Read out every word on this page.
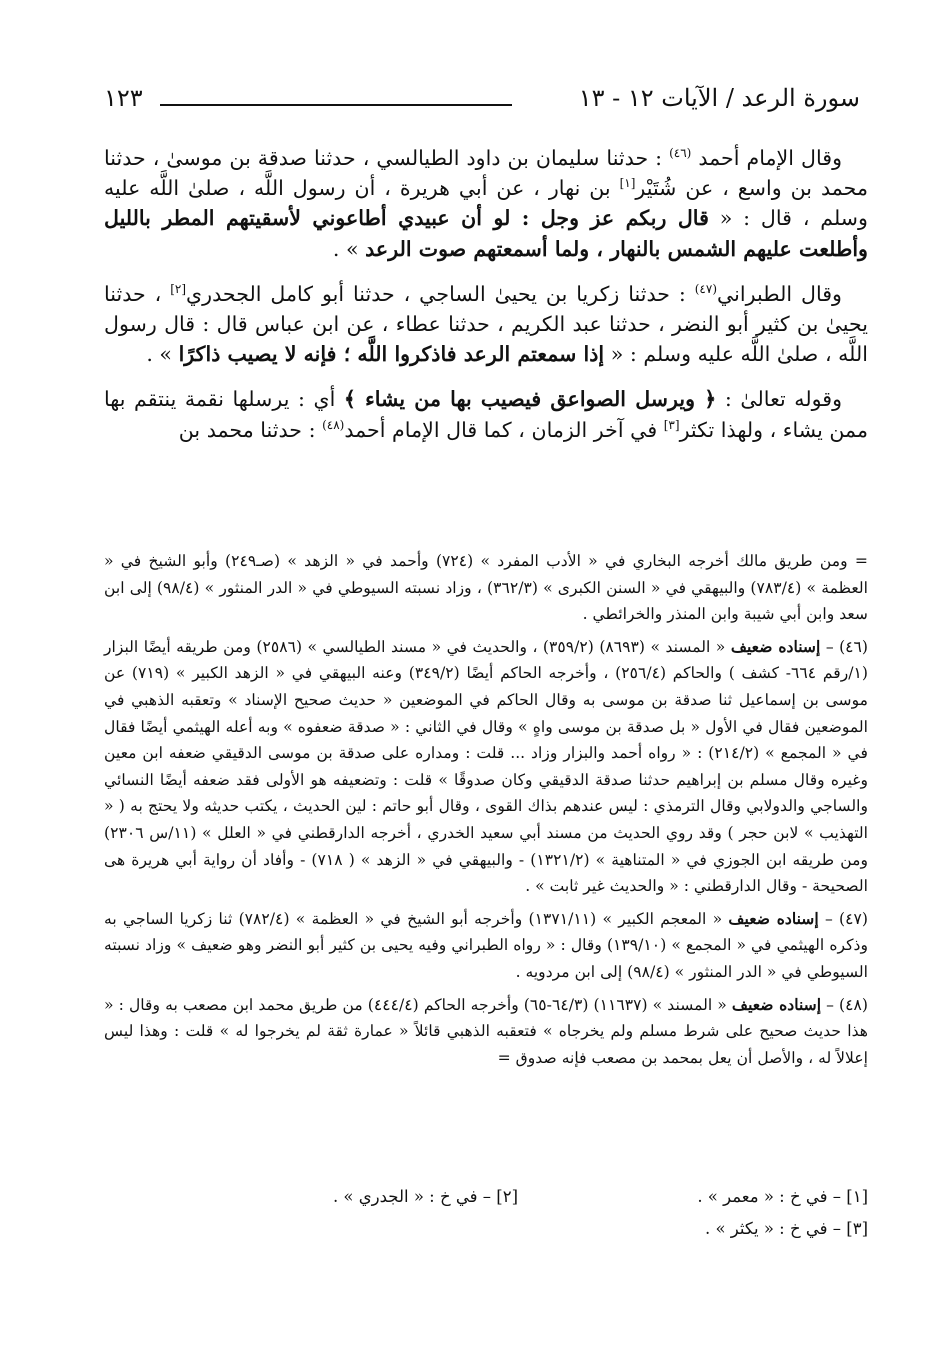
سورة الرعد / الآيات ١٢ - ١٣
١٢٣

وقال الإمام أحمد $^{(٤٦)}$ : حدثنا سليمان بن داود الطيالسي ، حدثنا صدقة بن موسىٰ ، حدثنا محمد بن واسع ، عن شُتَيْر[١] بن نهار ، عن أبي هريرة ، أن رسول اللَّه ، صلىٰ اللَّه عليه وسلم ، قال : « قال ربكم عز وجل : لو أن عبيدي أطاعوني لأسقيتهم المطر بالليل وأطلعت عليهم الشمس بالنهار ، ولما أسمعتهم صوت الرعد » .

وقال الطبراني$^{(٤٧)}$ : حدثنا زكريا بن يحيىٰ الساجي ، حدثنا أبو كامل الجحدري[٢] ، حدثنا يحيىٰ بن كثير أبو النضر ، حدثنا عبد الكريم ، حدثنا عطاء ، عن ابن عباس قال : قال رسول اللَّه ، صلىٰ اللَّه عليه وسلم : « إذا سمعتم الرعد فاذكروا اللَّه ؛ فإنه لا يصيب ذاكرًا » .

وقوله تعالىٰ : ﴿ ويرسل الصواعق فيصيب بها من يشاء ﴾ أي : يرسلها نقمة ينتقم بها ممن يشاء ، ولهذا تكثر[٣] في آخر الزمان ، كما قال الإمام أحمد$^{(٤٨)}$ : حدثنا محمد بن

= ومن طريق مالك أخرجه البخاري في « الأدب المفرد » (٧٢٤) وأحمد في « الزهد » (صـ٢٤٩) وأبو الشيخ في « العظمة » (٧٨٣/٤) والبيهقي في « السنن الكبرى » (٣٦٢/٣) ، وزاد نسبته السيوطي في « الدر المنثور » (٩٨/٤) إلى ابن سعد وابن أبي شيبة وابن المنذر والخرائطي .

(٤٦) – إسناده ضعيف « المسند » (٨٦٩٣) (٣٥٩/٢) ، والحديث في « مسند الطيالسي » (٢٥٨٦) ومن طريقه أيضًا البزار (١/رقم ٦٦٤- كشف ) والحاكم (٢٥٦/٤) ، وأخرجه الحاكم أيضًا (٣٤٩/٢) وعنه البيهقي في « الزهد الكبير » (٧١٩) عن موسى بن إسماعيل ثنا صدقة بن موسى به وقال الحاكم في الموضعين « حديث صحيح الإسناد » وتعقبه الذهبي في الموضعين فقال في الأول « بل صدقة بن موسى واهٍ » وقال في الثاني : « صدقة ضعفوه » وبه أعله الهيثمي أيضًا فقال في « المجمع » (٢١٤/٢) : « رواه أحمد والبزار وزاد ... قلت : ومداره على صدقة بن موسى الدقيقي ضعفه ابن معين وغيره وقال مسلم بن إبراهيم حدثنا صدقة الدقيقي وكان صدوقًا » قلت : وتضعيفه هو الأولى فقد ضعفه أيضًا النسائي والساجي والدولابي وقال الترمذي : ليس عندهم بذاك القوى ، وقال أبو حاتم : لين الحديث ، يكتب حديثه ولا يحتج به ( « التهذيب » لابن حجر ) وقد روي الحديث من مسند أبي سعيد الخدري ، أخرجه الدارقطني في « العلل » (١١/س ٢٣٠٦) ومن طريقه ابن الجوزي في « المتناهية » (١٣٢١/٢) - والبيهقي في « الزهد » ( ٧١٨) - وأفاد أن رواية أبي هريرة هى الصحيحة - وقال الدارقطني : « والحديث غير ثابت » .

(٤٧) – إسناده ضعيف « المعجم الكبير » (١٣٧١/١١) وأخرجه أبو الشيخ في « العظمة » (٧٨٢/٤) ثنا زكريا الساجي به وذكره الهيثمي في « المجمع » (١٣٩/١٠) وقال : « رواه الطبراني وفيه يحيى بن كثير أبو النضر وهو ضعيف » وزاد نسبته السيوطي في « الدر المنثور » (٩٨/٤) إلى ابن مردويه .

(٤٨) – إسناده ضعيف « المسند » (١١٦٣٧) (٦٤/٣-٦٥) وأخرجه الحاكم (٤٤٤/٤) من طريق محمد ابن مصعب به وقال : « هذا حديث صحيح على شرط مسلم ولم يخرجاه » فتعقبه الذهبي قائلاً « عمارة ثقة لم يخرجوا له » قلت : وهذا ليس إعلالاً له ، والأصل أن يعل بمحمد بن مصعب فإنه صدوق =

[١] – في خ : « معمر » .
[٢] – في خ : « الجدري » .
[٣] – في خ : « يكثر » .
